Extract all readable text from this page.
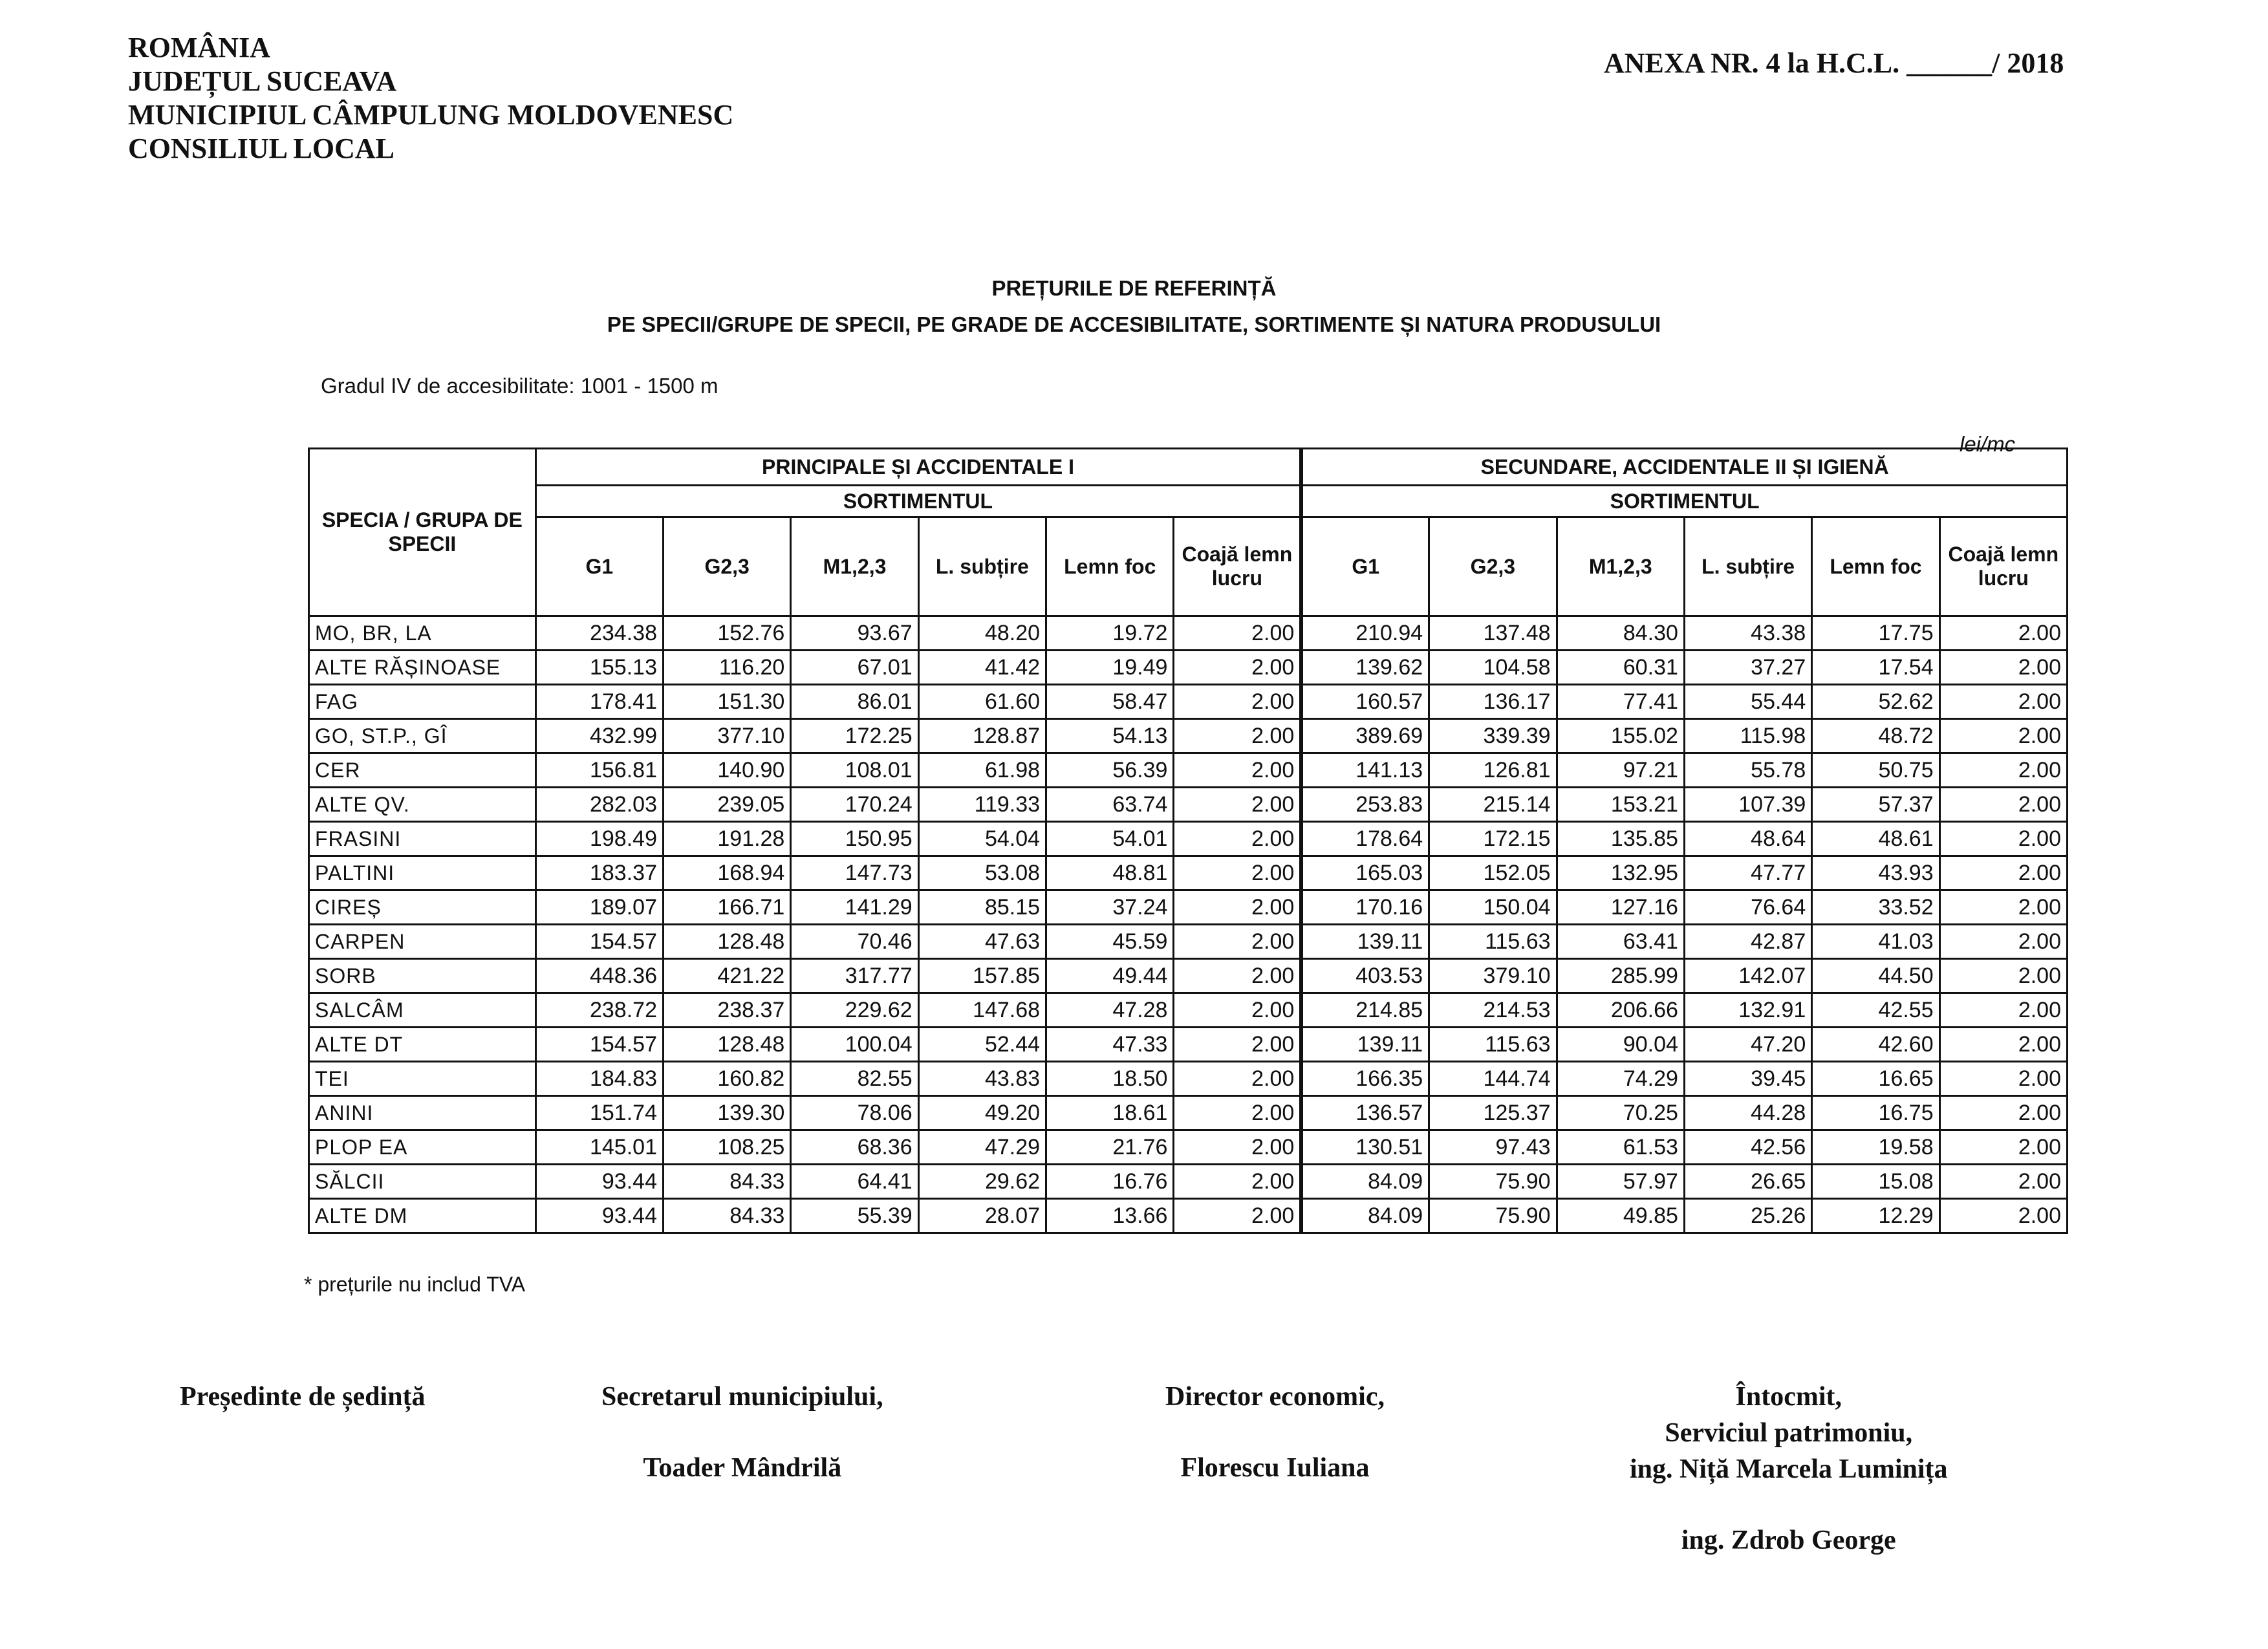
ROMÂNIA
JUDEȚUL SUCEAVA
MUNICIPIUL CÂMPULUNG MOLDOVENESC
CONSILIUL LOCAL
ANEXA NR. 4 la H.C.L. ______/ 2018
PREȚURILE DE REFERINȚĂ
PE SPECII/GRUPE DE SPECII, PE GRADE DE ACCESIBILITATE, SORTIMENTE ȘI NATURA PRODUSULUI
Gradul IV de accesibilitate: 1001 - 1500 m
lei/mc
SPECIA / GRUPA DE SPECII	PRINCIPALE ȘI ACCIDENTALE I						SECUNDARE, ACCIDENTALE II ȘI IGIENĂ					
	SORTIMENTUL						SORTIMENTUL					
	G1	G2,3	M1,2,3	L. subțire	Lemn foc	Coajă lemn lucru	G1	G2,3	M1,2,3	L. subțire	Lemn foc	Coajă lemn lucru
MO, BR, LA	234.38	152.76	93.67	48.20	19.72	2.00	210.94	137.48	84.30	43.38	17.75	2.00
ALTE RĂȘINOASE	155.13	116.20	67.01	41.42	19.49	2.00	139.62	104.58	60.31	37.27	17.54	2.00
FAG	178.41	151.30	86.01	61.60	58.47	2.00	160.57	136.17	77.41	55.44	52.62	2.00
GO, ST.P., GÎ	432.99	377.10	172.25	128.87	54.13	2.00	389.69	339.39	155.02	115.98	48.72	2.00
CER	156.81	140.90	108.01	61.98	56.39	2.00	141.13	126.81	97.21	55.78	50.75	2.00
ALTE QV.	282.03	239.05	170.24	119.33	63.74	2.00	253.83	215.14	153.21	107.39	57.37	2.00
FRASINI	198.49	191.28	150.95	54.04	54.01	2.00	178.64	172.15	135.85	48.64	48.61	2.00
PALTINI	183.37	168.94	147.73	53.08	48.81	2.00	165.03	152.05	132.95	47.77	43.93	2.00
CIREȘ	189.07	166.71	141.29	85.15	37.24	2.00	170.16	150.04	127.16	76.64	33.52	2.00
CARPEN	154.57	128.48	70.46	47.63	45.59	2.00	139.11	115.63	63.41	42.87	41.03	2.00
SORB	448.36	421.22	317.77	157.85	49.44	2.00	403.53	379.10	285.99	142.07	44.50	2.00
SALCÂM	238.72	238.37	229.62	147.68	47.28	2.00	214.85	214.53	206.66	132.91	42.55	2.00
ALTE DT	154.57	128.48	100.04	52.44	47.33	2.00	139.11	115.63	90.04	47.20	42.60	2.00
TEI	184.83	160.82	82.55	43.83	18.50	2.00	166.35	144.74	74.29	39.45	16.65	2.00
ANINI	151.74	139.30	78.06	49.20	18.61	2.00	136.57	125.37	70.25	44.28	16.75	2.00
PLOP EA	145.01	108.25	68.36	47.29	21.76	2.00	130.51	97.43	61.53	42.56	19.58	2.00
SĂLCII	93.44	84.33	64.41	29.62	16.76	2.00	84.09	75.90	57.97	26.65	15.08	2.00
ALTE DM	93.44	84.33	55.39	28.07	13.66	2.00	84.09	75.90	49.85	25.26	12.29	2.00
* prețurile nu includ TVA
Președinte de ședință	Secretarul municipiului,
Toader Mândrilă
Director economic,
Florescu Iuliana
Întocmit,
Serviciul patrimoniu,
ing. Niță Marcela Luminița
ing. Zdrob George
